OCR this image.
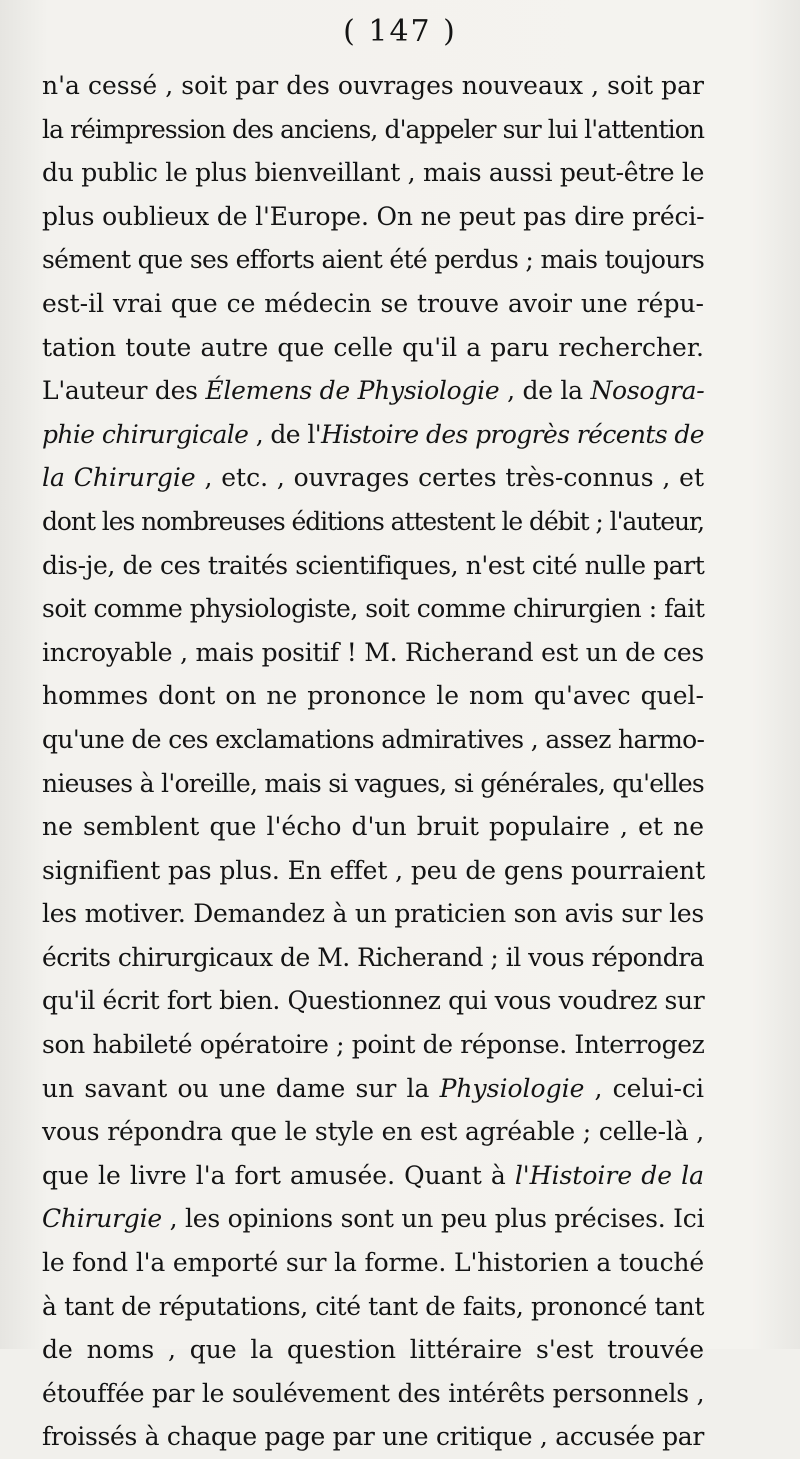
( 147 )
n'a cessé , soit par des ouvrages nouveaux , soit par
la réimpression des anciens, d'appeler sur lui l'attention
du public le plus bienveillant , mais aussi peut-être le
plus oublieux de l'Europe. On ne peut pas dire préci-
sément que ses efforts aient été perdus ; mais toujours
est-il vrai que ce médecin se trouve avoir une répu-
tation toute autre que celle qu'il a paru rechercher.
L'auteur des Élemens de Physiologie , de la Nosogra-
phie chirurgicale , de l'Histoire des progrès récents de
la Chirurgie , etc. , ouvrages certes très-connus , et
dont les nombreuses éditions attestent le débit ; l'auteur,
dis-je, de ces traités scientifiques, n'est cité nulle part
soit comme physiologiste, soit comme chirurgien : fait
incroyable , mais positif ! M. Richerand est un de ces
hommes dont on ne prononce le nom qu'avec quel-
qu'une de ces exclamations admiratives , assez harmo-
nieuses à l'oreille, mais si vagues, si générales, qu'elles
ne semblent que l'écho d'un bruit populaire , et ne
signifient pas plus. En effet , peu de gens pourraient
les motiver. Demandez à un praticien son avis sur les
écrits chirurgicaux de M. Richerand ; il vous répondra
qu'il écrit fort bien. Questionnez qui vous voudrez sur
son habileté opératoire ; point de réponse. Interrogez
un savant ou une dame sur la Physiologie , celui-ci
vous répondra que le style en est agréable ; celle-là ,
que le livre l'a fort amusée. Quant à l'Histoire de la
Chirurgie , les opinions sont un peu plus précises. Ici
le fond l'a emporté sur la forme. L'historien a touché
à tant de réputations, cité tant de faits, prononcé tant
de noms , que la question littéraire s'est trouvée
étouffée par le soulévement des intérêts personnels ,
froissés à chaque page par une critique , accusée par
